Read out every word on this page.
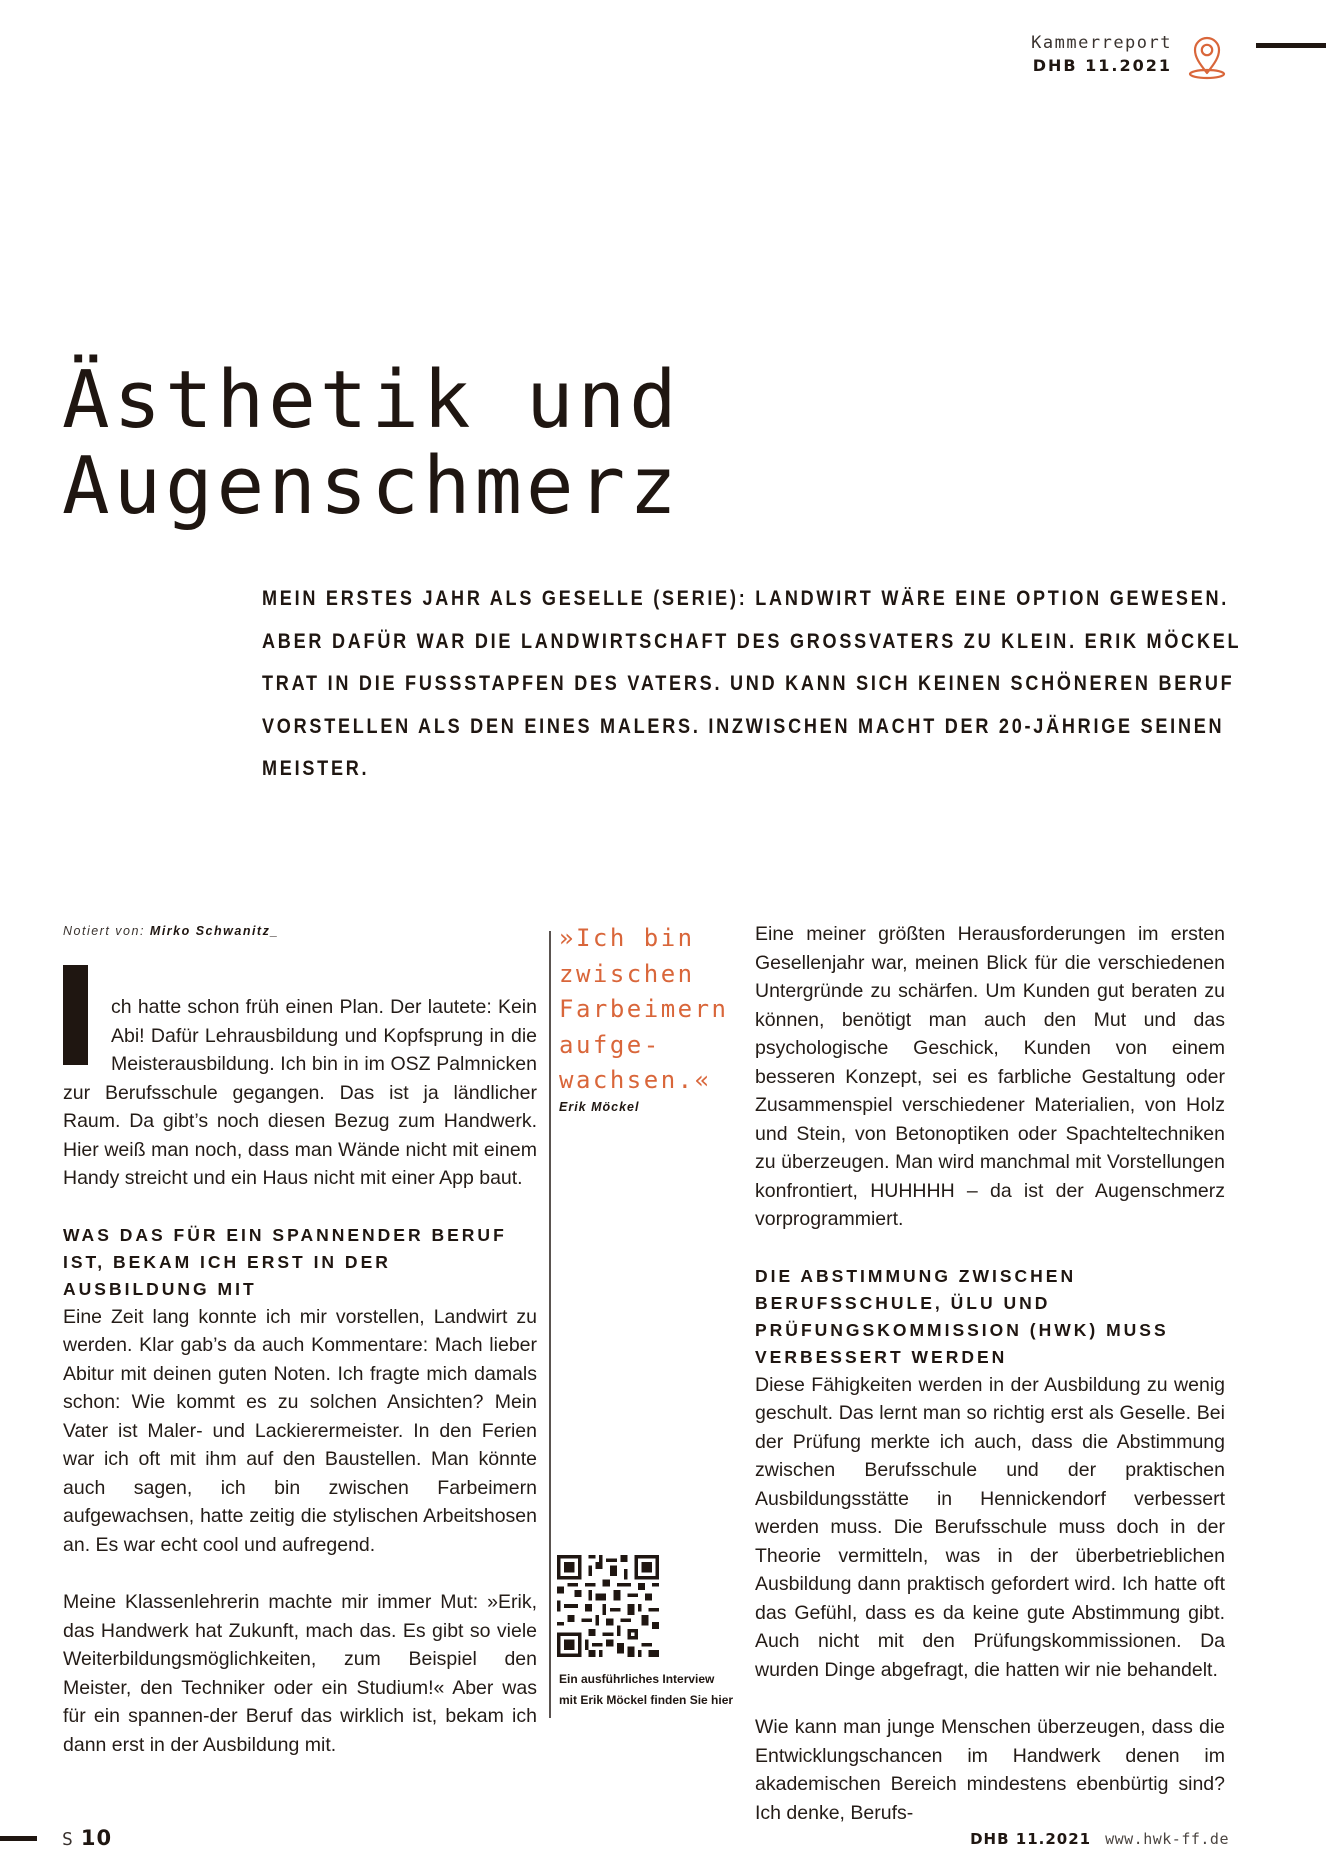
Kammerreport
DHB 11.2021
Ästhetik und
Augenschmerz

MEIN ERSTES JAHR ALS GESELLE (SERIE): LANDWIRT WÄRE EINE OPTION GEWESEN. ABER DAFÜR WAR DIE LANDWIRTSCHAFT DES GROSSVATERS ZU KLEIN. ERIK MÖCKEL TRAT IN DIE FUSSSTAPFEN DES VATERS. UND KANN SICH KEINEN SCHÖNEREN BERUF VORSTELLEN ALS DEN EINES MALERS. INZWISCHEN MACHT DER 20-JÄHRIGE SEINEN MEISTER.

Notiert von: Mirko Schwanitz_

ch hatte schon früh einen Plan. Der lautete: Kein Abi! Dafür Lehrausbildung und Kopfsprung in die Meisterausbildung. Ich bin in im OSZ Palmnicken zur Berufsschule gegangen. Das ist ja ländlicher Raum. Da gibt’s noch diesen Bezug zum Handwerk. Hier weiß man noch, dass man Wände nicht mit einem Handy streicht und ein Haus nicht mit einer App baut.

WAS DAS FÜR EIN SPANNENDER BERUF IST, BEKAM ICH ERST IN DER AUSBILDUNG MIT

Eine Zeit lang konnte ich mir vorstellen, Landwirt zu werden. Klar gab’s da auch Kommentare: Mach lieber Abitur mit deinen guten Noten. Ich fragte mich damals schon: Wie kommt es zu solchen Ansichten? Mein Vater ist Maler- und Lackierermeister. In den Ferien war ich oft mit ihm auf den Baustellen. Man könnte auch sagen, ich bin zwischen Farbeimern aufgewachsen, hatte zeitig die stylischen Arbeitshosen an. Es war echt cool und aufregend.

Meine Klassenlehrerin machte mir immer Mut: »Erik, das Handwerk hat Zukunft, mach das. Es gibt so viele Weiterbildungsmöglichkeiten, zum Beispiel den Meister, den Techniker oder ein Studium!« Aber was für ein spannen-der Beruf das wirklich ist, bekam ich dann erst in der Ausbildung mit.

»Ich bin
zwischen
Farbeimern
aufge-
wachsen.«
Erik Möckel
Ein ausführliches Interview
mit Erik Möckel finden Sie hier

Eine meiner größten Herausforderungen im ersten Gesellenjahr war, meinen Blick für die verschiedenen Untergründe zu schärfen. Um Kunden gut beraten zu können, benötigt man auch den Mut und das psychologische Geschick, Kunden von einem besseren Konzept, sei es farbliche Gestaltung oder Zusammenspiel verschiedener Materialien, von Holz und Stein, von Betonoptiken oder Spachteltechniken zu überzeugen. Man wird manchmal mit Vorstellungen konfrontiert, HUHHHH – da ist der Augenschmerz vorprogrammiert.

DIE ABSTIMMUNG ZWISCHEN BERUFSSCHULE, ÜLU UND PRÜFUNGSKOMMISSION (HWK) MUSS VERBESSERT WERDEN

Diese Fähigkeiten werden in der Ausbildung zu wenig geschult. Das lernt man so richtig erst als Geselle. Bei der Prüfung merkte ich auch, dass die Abstimmung zwischen Berufsschule und der praktischen Ausbildungsstätte in Hennickendorf verbessert werden muss. Die Berufsschule muss doch in der Theorie vermitteln, was in der überbetrieblichen Ausbildung dann praktisch gefordert wird. Ich hatte oft das Gefühl, dass es da keine gute Abstimmung gibt. Auch nicht mit den Prüfungskommissionen. Da wurden Dinge abgefragt, die hatten wir nie behandelt.

Wie kann man junge Menschen überzeugen, dass die Entwicklungschancen im Handwerk denen im akademischen Bereich mindestens ebenbürtig sind? Ich denke, Berufs-

S 10	DHB 11.2021 www.hwk-ff.de
